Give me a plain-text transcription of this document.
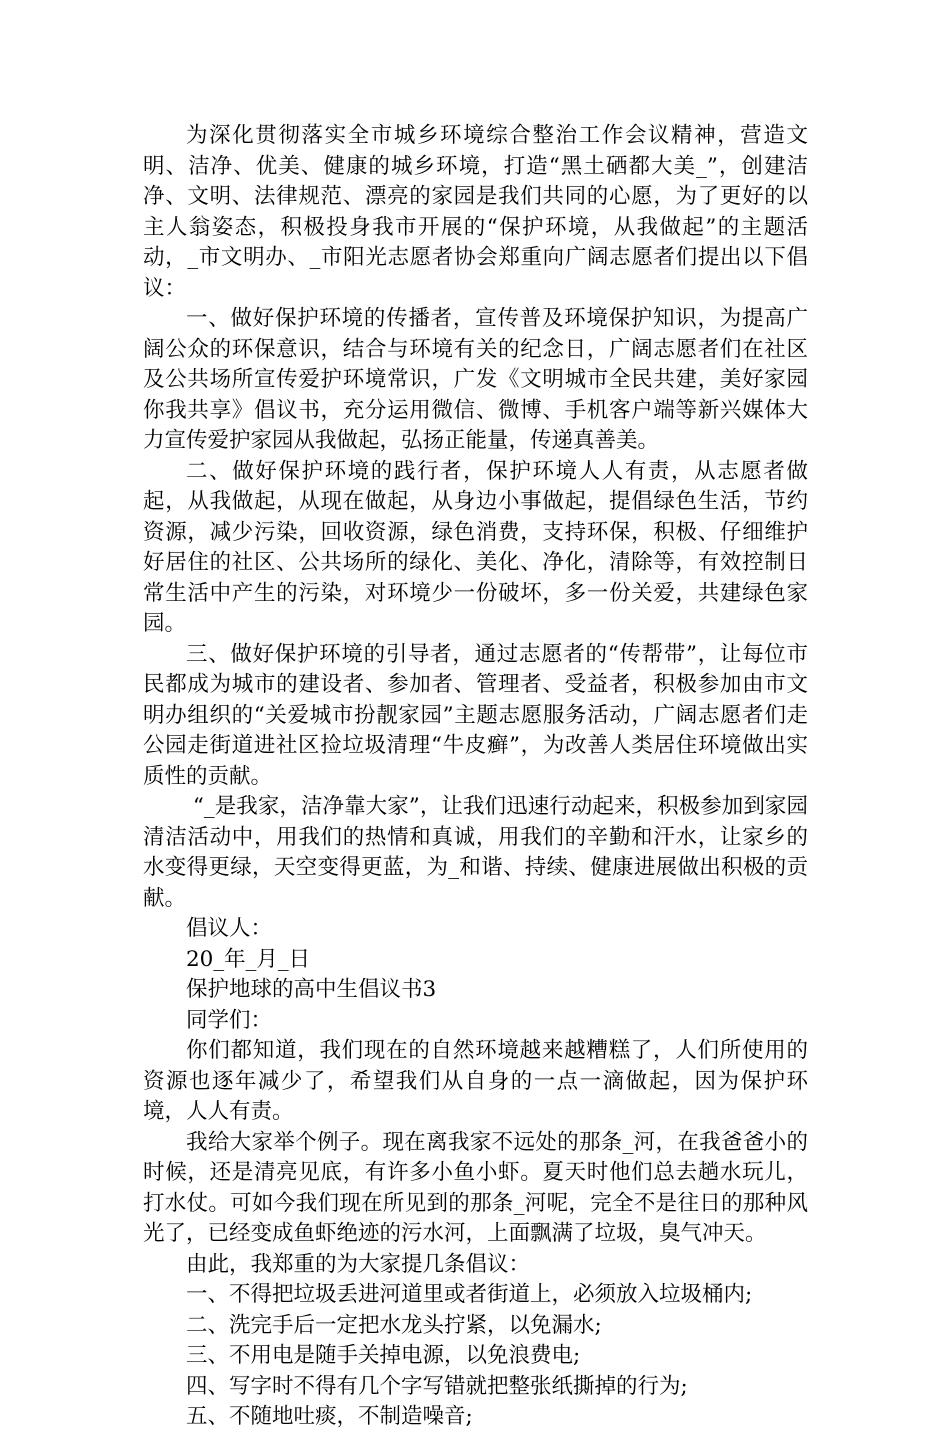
为深化贯彻落实全市城乡环境综合整治工作会议精神，营造文明、洁净、优美、健康的城乡环境，打造“黑土硒都大美_”，创建洁净、文明、法律规范、漂亮的家园是我们共同的心愿，为了更好的以主人翁姿态，积极投身我市开展的“保护环境，从我做起”的主题活动，_市文明办、_市阳光志愿者协会郑重向广阔志愿者们提出以下倡议：

一、做好保护环境的传播者，宣传普及环境保护知识，为提高广阔公众的环保意识，结合与环境有关的纪念日，广阔志愿者们在社区及公共场所宣传爱护环境常识，广发《文明城市全民共建，美好家园你我共享》倡议书，充分运用微信、微博、手机客户端等新兴媒体大力宣传爱护家园从我做起，弘扬正能量，传递真善美。

二、做好保护环境的践行者，保护环境人人有责，从志愿者做起，从我做起，从现在做起，从身边小事做起，提倡绿色生活，节约资源，减少污染，回收资源，绿色消费，支持环保，积极、仔细维护好居住的社区、公共场所的绿化、美化、净化，清除等，有效控制日常生活中产生的污染，对环境少一份破坏，多一份关爱，共建绿色家园。

三、做好保护环境的引导者，通过志愿者的“传帮带”，让每位市民都成为城市的建设者、参加者、管理者、受益者，积极参加由市文明办组织的“关爱城市扮靓家园”主题志愿服务活动，广阔志愿者们走公园走街道进社区捡垃圾清理“牛皮癣”，为改善人类居住环境做出实质性的贡献。

“_是我家，洁净靠大家”，让我们迅速行动起来，积极参加到家园清洁活动中，用我们的热情和真诚，用我们的辛勤和汗水，让家乡的水变得更绿，天空变得更蓝，为_和谐、持续、健康进展做出积极的贡献。

倡议人：

20_年_月_日

保护地球的高中生倡议书3

同学们：

你们都知道，我们现在的自然环境越来越糟糕了，人们所使用的资源也逐年减少了，希望我们从自身的一点一滴做起，因为保护环境，人人有责。

我给大家举个例子。现在离我家不远处的那条_河，在我爸爸小的时候，还是清亮见底，有许多小鱼小虾。夏天时他们总去趟水玩儿，打水仗。可如今我们现在所见到的那条_河呢，完全不是往日的那种风光了，已经变成鱼虾绝迹的污水河，上面飘满了垃圾，臭气冲天。

由此，我郑重的为大家提几条倡议：

一、不得把垃圾丢进河道里或者街道上，必须放入垃圾桶内;

二、洗完手后一定把水龙头拧紧，以免漏水;

三、不用电是随手关掉电源，以免浪费电;

四、写字时不得有几个字写错就把整张纸撕掉的行为;

五、不随地吐痰，不制造噪音;
